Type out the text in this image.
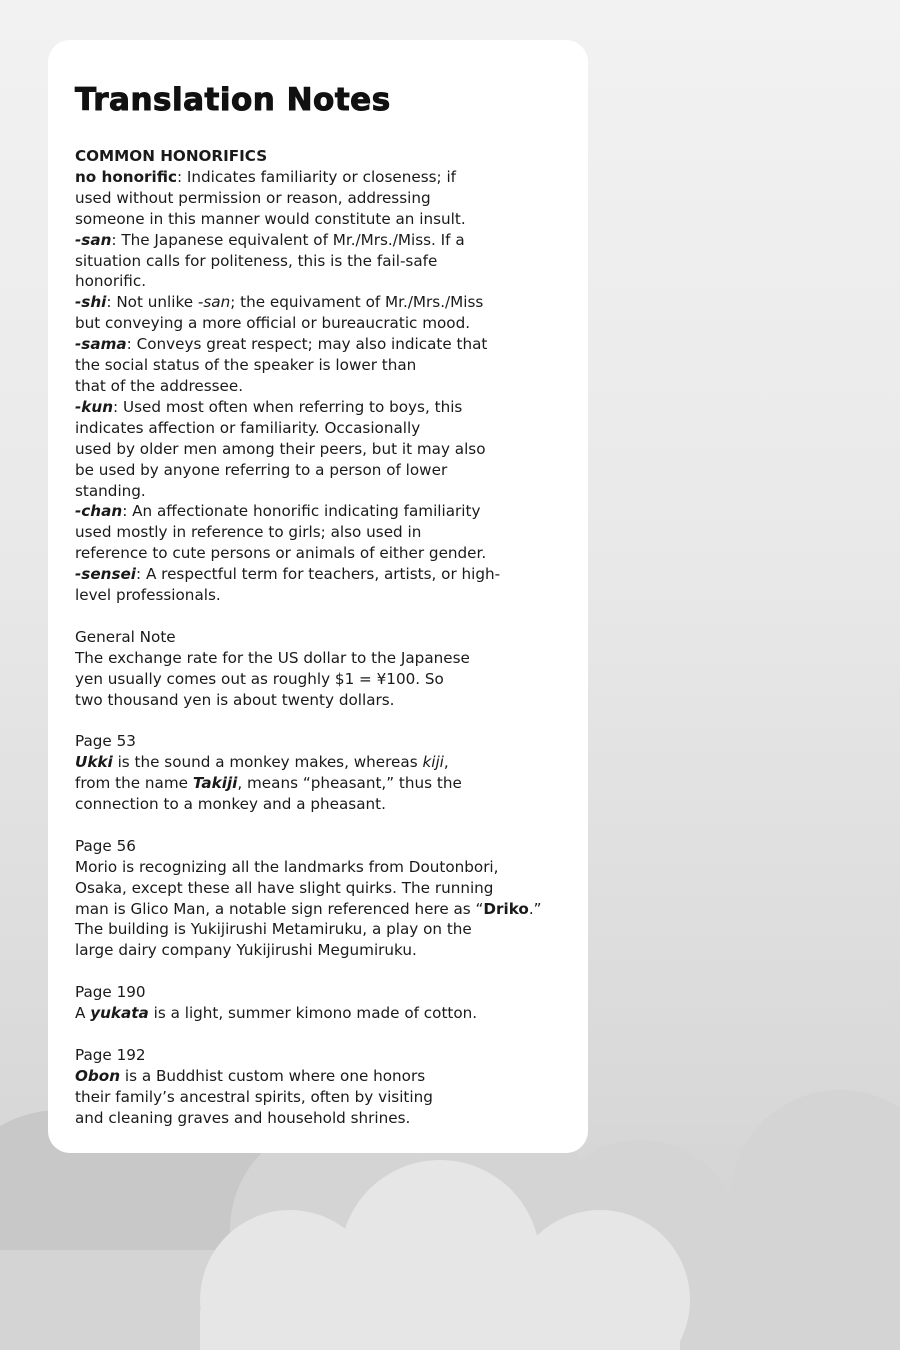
Translation Notes
COMMON HONORIFICS
no honorific: Indicates familiarity or closeness; if
used without permission or reason, addressing
someone in this manner would constitute an insult.
-san: The Japanese equivalent of Mr./Mrs./Miss. If a
situation calls for politeness, this is the fail-safe
honorific.
-shi: Not unlike -san; the equivament of Mr./Mrs./Miss
but conveying a more official or bureaucratic mood.
-sama: Conveys great respect; may also indicate that
the social status of the speaker is lower than
that of the addressee.
-kun: Used most often when referring to boys, this
indicates affection or familiarity. Occasionally
used by older men among their peers, but it may also
be used by anyone referring to a person of lower
standing.
-chan: An affectionate honorific indicating familiarity
used mostly in reference to girls; also used in
reference to cute persons or animals of either gender.
-sensei: A respectful term for teachers, artists, or high-
level professionals.
General Note
The exchange rate for the US dollar to the Japanese
yen usually comes out as roughly $1 = ¥100. So
two thousand yen is about twenty dollars.
Page 53
Ukki is the sound a monkey makes, whereas kiji,
from the name Takiji, means “pheasant,” thus the
connection to a monkey and a pheasant.
Page 56
Morio is recognizing all the landmarks from Doutonbori,
Osaka, except these all have slight quirks. The running
man is Glico Man, a notable sign referenced here as “Driko.”
The building is Yukijirushi Metamiruku, a play on the
large dairy company Yukijirushi Megumiruku.
Page 190
A yukata is a light, summer kimono made of cotton.
Page 192
Obon is a Buddhist custom where one honors
their family’s ancestral spirits, often by visiting
and cleaning graves and household shrines.
